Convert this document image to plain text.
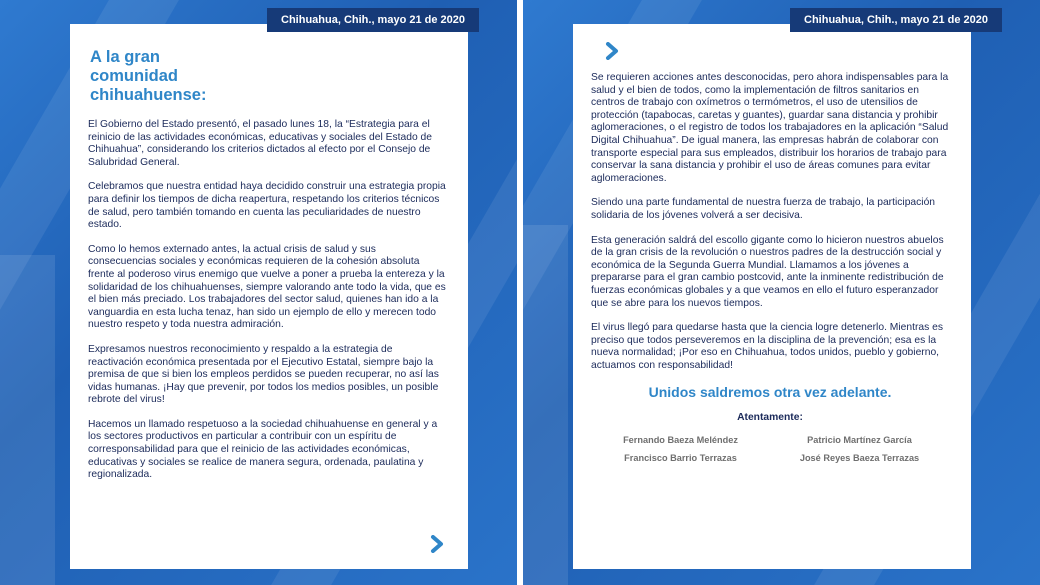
Chihuahua, Chih., mayo 21 de 2020
A la gran
comunidad
chihuahuense:

El Gobierno del Estado presentó, el pasado lunes 18, la “Estrategia para el reinicio de las actividades económicas, educativas y sociales del Estado de Chihuahua”, considerando los criterios dictados al efecto por el Consejo de Salubridad General.

Celebramos que nuestra entidad haya decidido construir una estrategia propia para definir los tiempos de dicha reapertura, respetando los criterios técnicos de salud, pero también tomando en cuenta las peculiaridades de nuestro estado.

Como lo hemos externado antes, la actual crisis de salud y sus consecuencias sociales y económicas requieren de la cohesión absoluta frente al poderoso virus enemigo que vuelve a poner a prueba la entereza y la solidaridad de los chihuahuenses, siempre valorando ante todo la vida, que es el bien más preciado. Los trabajadores del sector salud, quienes han ido a la vanguardia en esta lucha tenaz, han sido un ejemplo de ello y merecen todo nuestro respeto y toda nuestra admiración.

Expresamos nuestros reconocimiento y respaldo a la estrategia de reactivación económica presentada por el Ejecutivo Estatal, siempre bajo la premisa de que si bien los empleos perdidos se pueden recuperar, no así las vidas humanas. ¡Hay que prevenir, por todos los medios posibles, un posible rebrote del virus!

Hacemos un llamado respetuoso a la sociedad chihuahuense en general y a los sectores productivos en particular a contribuir con un espíritu de corresponsabilidad para que el reinicio de las actividades económicas, educativas y sociales se realice de manera segura, ordenada, paulatina y regionalizada.

Chihuahua, Chih., mayo 21 de 2020

Se requieren acciones antes desconocidas, pero ahora indispensables para la salud y el bien de todos, como la implementación de filtros sanitarios en centros de trabajo con oxímetros o termómetros, el uso de utensilios de protección (tapabocas, caretas y guantes), guardar sana distancia y prohibir aglomeraciones, o el registro de todos los trabajadores en la aplicación “Salud Digital Chihuahua”. De igual manera, las empresas habrán de colaborar con transporte especial para sus empleados, distribuir los horarios de trabajo para conservar la sana distancia y prohibir el uso de áreas comunes para evitar aglomeraciones.

Siendo una parte fundamental de nuestra fuerza de trabajo, la participación solidaria de los jóvenes volverá a ser decisiva.

Esta generación saldrá del escollo gigante como lo hicieron nuestros abuelos de la gran crisis de la revolución o nuestros padres de la destrucción social y económica de la Segunda Guerra Mundial. Llamamos a los jóvenes a prepararse para el gran cambio postcovid, ante la inminente redistribución de fuerzas económicas globales y a que veamos en ello el futuro esperanzador que se abre para los nuevos tiempos.

El virus llegó para quedarse hasta que la ciencia logre detenerlo. Mientras es preciso que todos perseveremos en la disciplina de la prevención; esa es la nueva normalidad; ¡Por eso en Chihuahua, todos unidos, pueblo y gobierno, actuamos con responsabilidad!

Unidos saldremos otra vez adelante.
Atentamente:
Fernando Baeza Meléndez	Patricio Martínez García
Francisco Barrio Terrazas	José Reyes Baeza Terrazas
